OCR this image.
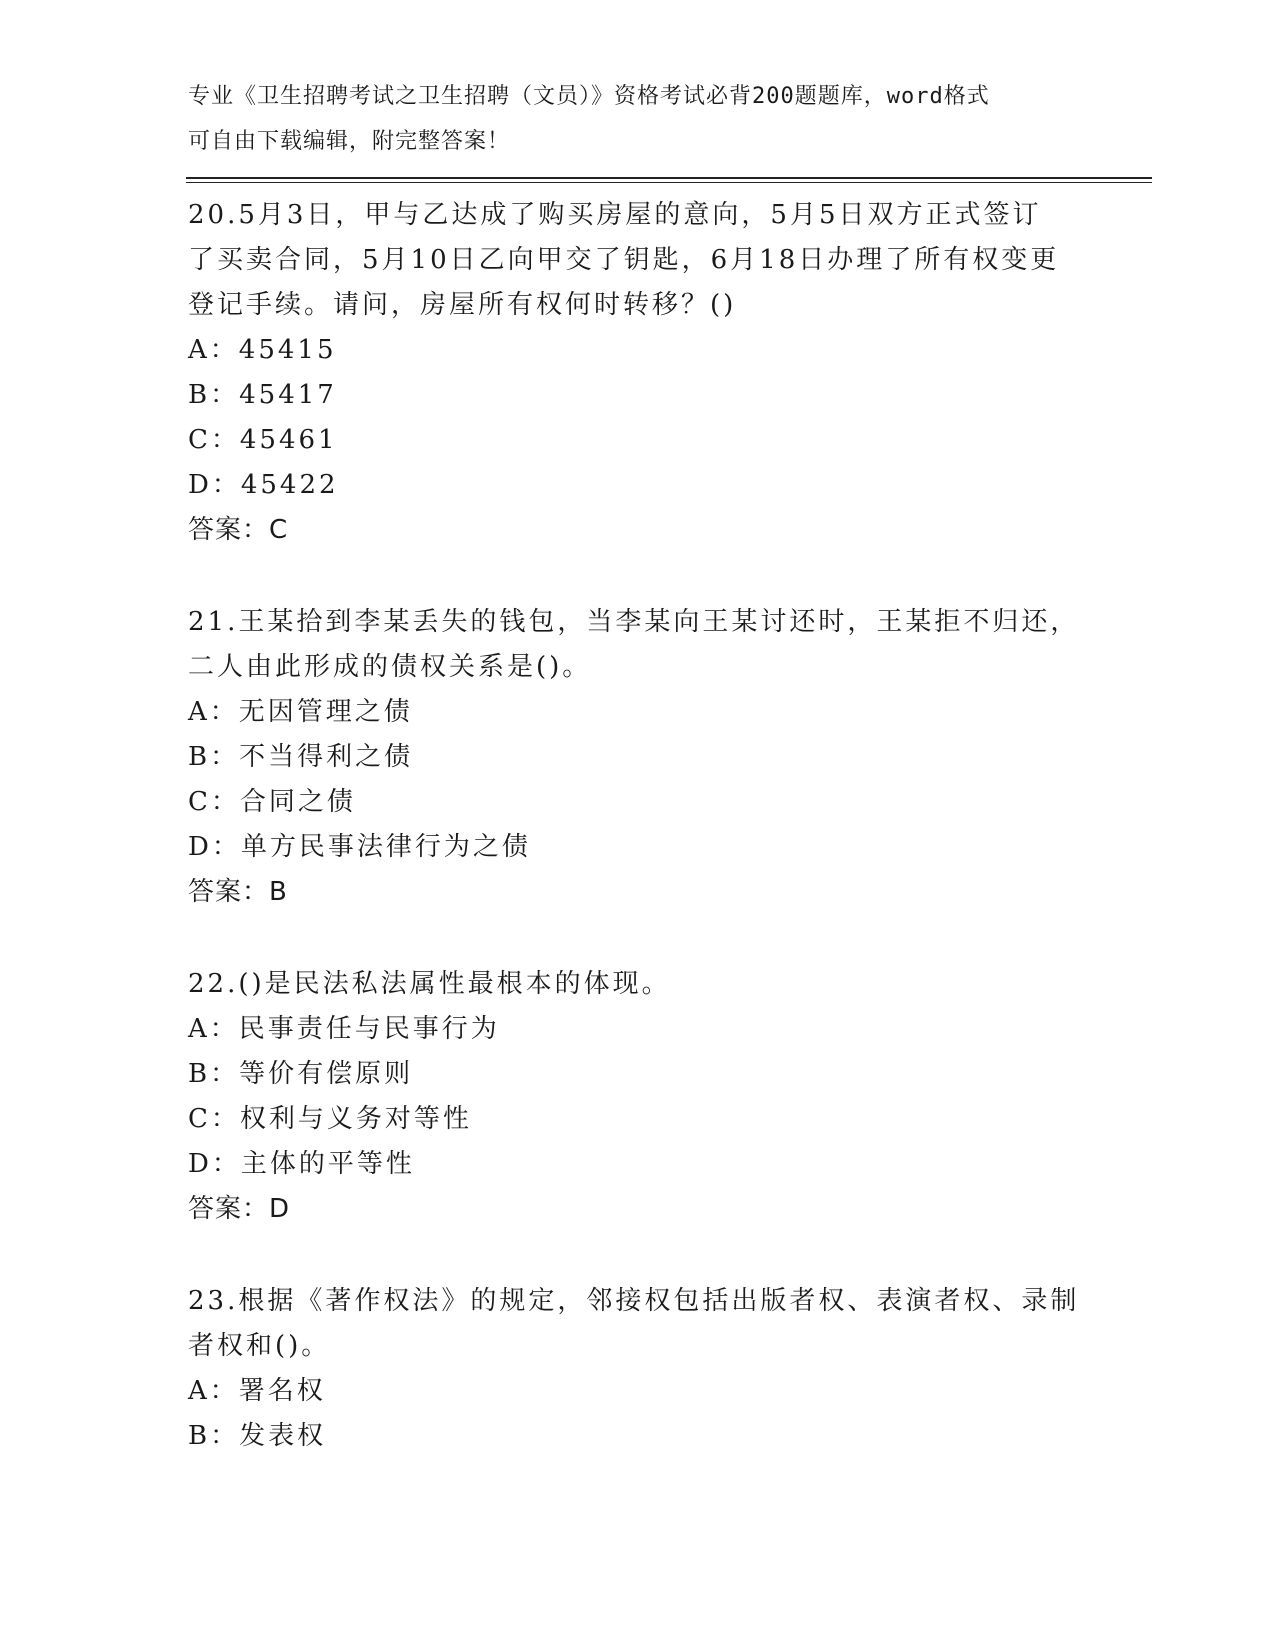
专业《卫生招聘考试之卫生招聘（文员）》资格考试必背200题题库，word格式
可自由下载编辑，附完整答案！
20.5月3日，甲与乙达成了购买房屋的意向，5月5日双方正式签订
了买卖合同，5月10日乙向甲交了钥匙，6月18日办理了所有权变更
登记手续。请问，房屋所有权何时转移？()
A：45415
B：45417
C：45461
D：45422
答案：C
21.王某拾到李某丢失的钱包，当李某向王某讨还时，王某拒不归还，
二人由此形成的债权关系是()。
A：无因管理之债
B：不当得利之债
C：合同之债
D：单方民事法律行为之债
答案：B
22.()是民法私法属性最根本的体现。
A：民事责任与民事行为
B：等价有偿原则
C：权利与义务对等性
D：主体的平等性
答案：D
23.根据《著作权法》的规定，邻接权包括出版者权、表演者权、录制
者权和()。
A：署名权
B：发表权
